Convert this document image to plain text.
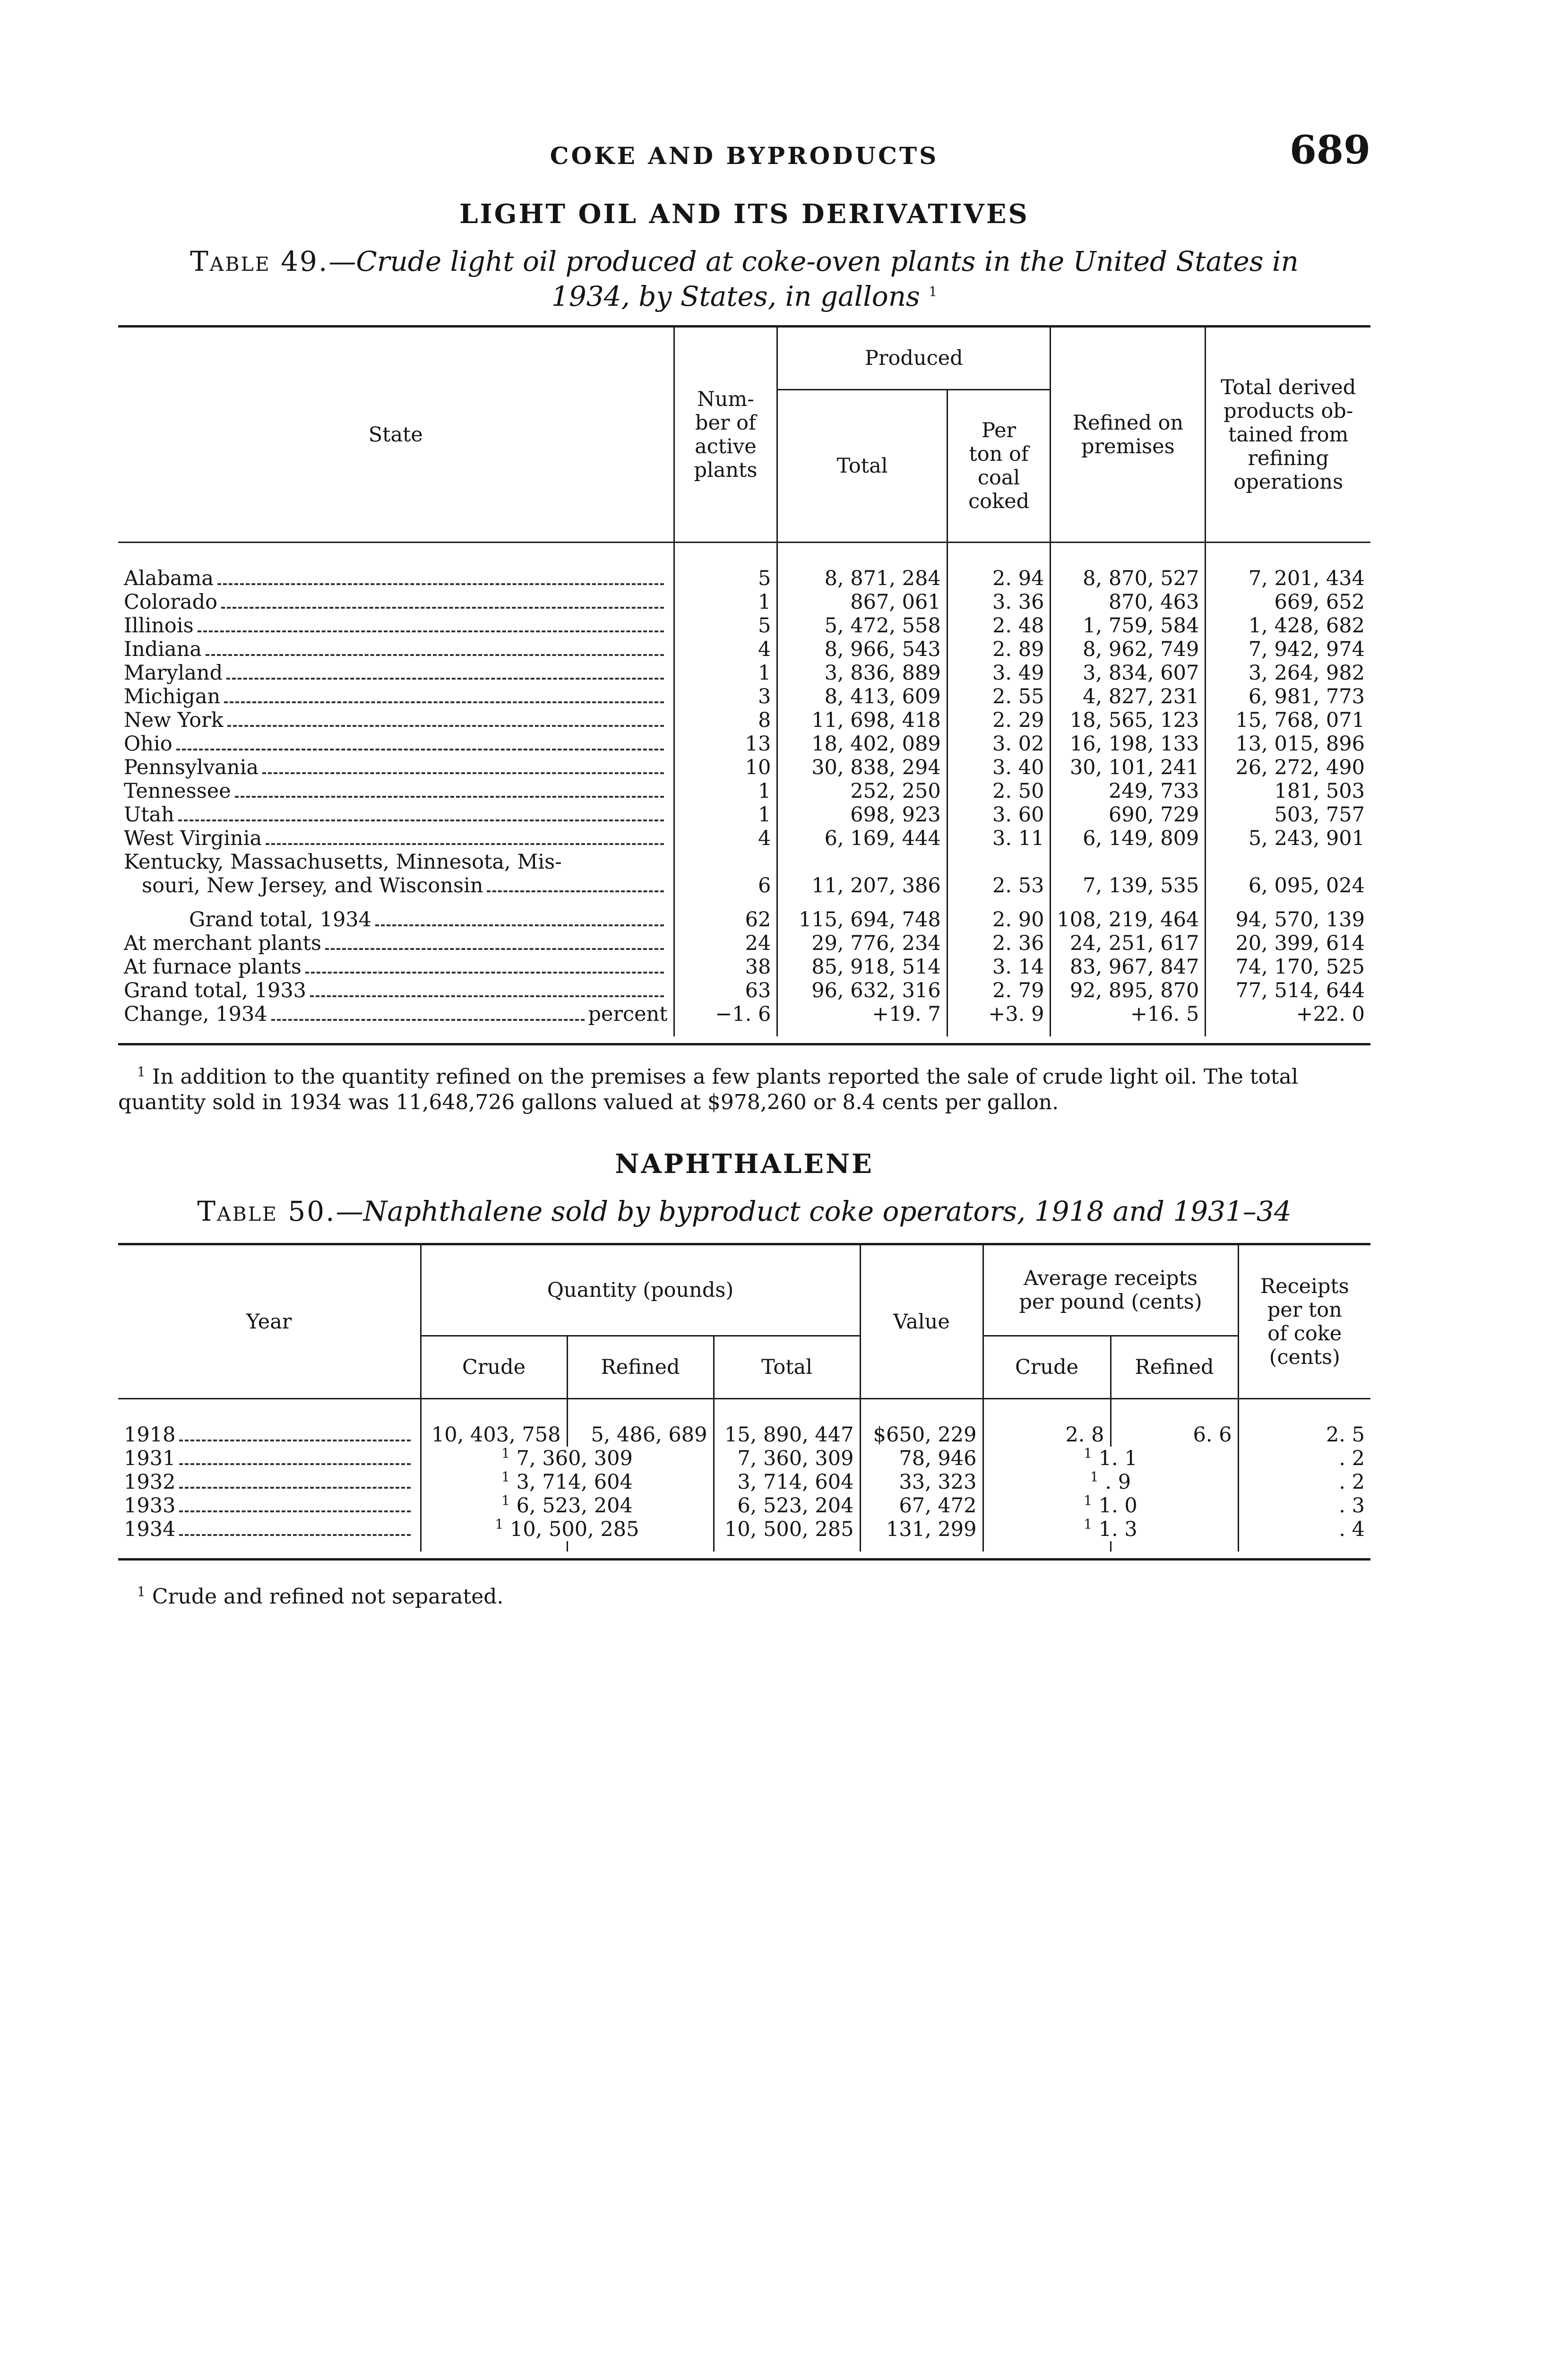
COKE AND BYPRODUCTS	689
LIGHT OIL AND ITS DERIVATIVES
Table 49.—Crude light oil produced at coke-oven plants in the United States in
1934, by States, in gallons $^1$
State	Num-
ber of
active
plants	Produced		Refined on
premises	Total derived
products ob-
tained from
refining
operations
		Total	Per
ton of
coal
coked		

Alabama	5	8, 871, 284	2. 94	8, 870, 527	7, 201, 434

Colorado	1	867, 061	3. 36	870, 463	669, 652

Illinois	5	5, 472, 558	2. 48	1, 759, 584	1, 428, 682

Indiana	4	8, 966, 543	2. 89	8, 962, 749	7, 942, 974

Maryland	1	3, 836, 889	3. 49	3, 834, 607	3, 264, 982

Michigan	3	8, 413, 609	2. 55	4, 827, 231	6, 981, 773

New York	8	11, 698, 418	2. 29	18, 565, 123	15, 768, 071

Ohio	13	18, 402, 089	3. 02	16, 198, 133	13, 015, 896

Pennsylvania	10	30, 838, 294	3. 40	30, 101, 241	26, 272, 490

Tennessee	1	252, 250	2. 50	249, 733	181, 503

Utah	1	698, 923	3. 60	690, 729	503, 757

West Virginia	4	6, 169, 444	3. 11	6, 149, 809	5, 243, 901
Kentucky, Massachusetts, Minnesota, Mis-					

souri, New Jersey, and Wisconsin	6	11, 207, 386	2. 53	7, 139, 535	6, 095, 024

Grand total, 1934	62	115, 694, 748	2. 90	108, 219, 464	94, 570, 139

At merchant plants	24	29, 776, 234	2. 36	24, 251, 617	20, 399, 614

At furnace plants	38	85, 918, 514	3. 14	83, 967, 847	74, 170, 525

Grand total, 1933	63	96, 632, 316	2. 79	92, 895, 870	77, 514, 644

Change, 1934 percent	−1. 6	+19. 7	+3. 9	+16. 5	+22. 0

$^1$ In addition to the quantity refined on the premises a few plants reported the sale of crude light oil. The total quantity sold in 1934 was 11,648,726 gallons valued at $978,260 or 8.4 cents per gallon.
NAPHTHALENE
Table 50.—Naphthalene sold by byproduct coke operators, 1918 and 1931–34
Year	Quantity (pounds)			Value	Average receipts
per pound (cents)		Receipts
per ton
of coke
(cents)
	Crude	Refined	Total		Crude	Refined	

1918	10, 403, 758	5, 486, 689	15, 890, 447	$650, 229	2. 8	6. 6	2. 5

1931	$^1$ 7, 360, 309		7, 360, 309	78, 946	$^1$ 1. 1		. 2

1932	$^1$ 3, 714, 604		3, 714, 604	33, 323	$^1$ . 9		. 2

1933	$^1$ 6, 523, 204		6, 523, 204	67, 472	$^1$ 1. 0		. 3

1934	$^1$ 10, 500, 285		10, 500, 285	131, 299	$^1$ 1. 3		. 4

$^1$ Crude and refined not separated.
